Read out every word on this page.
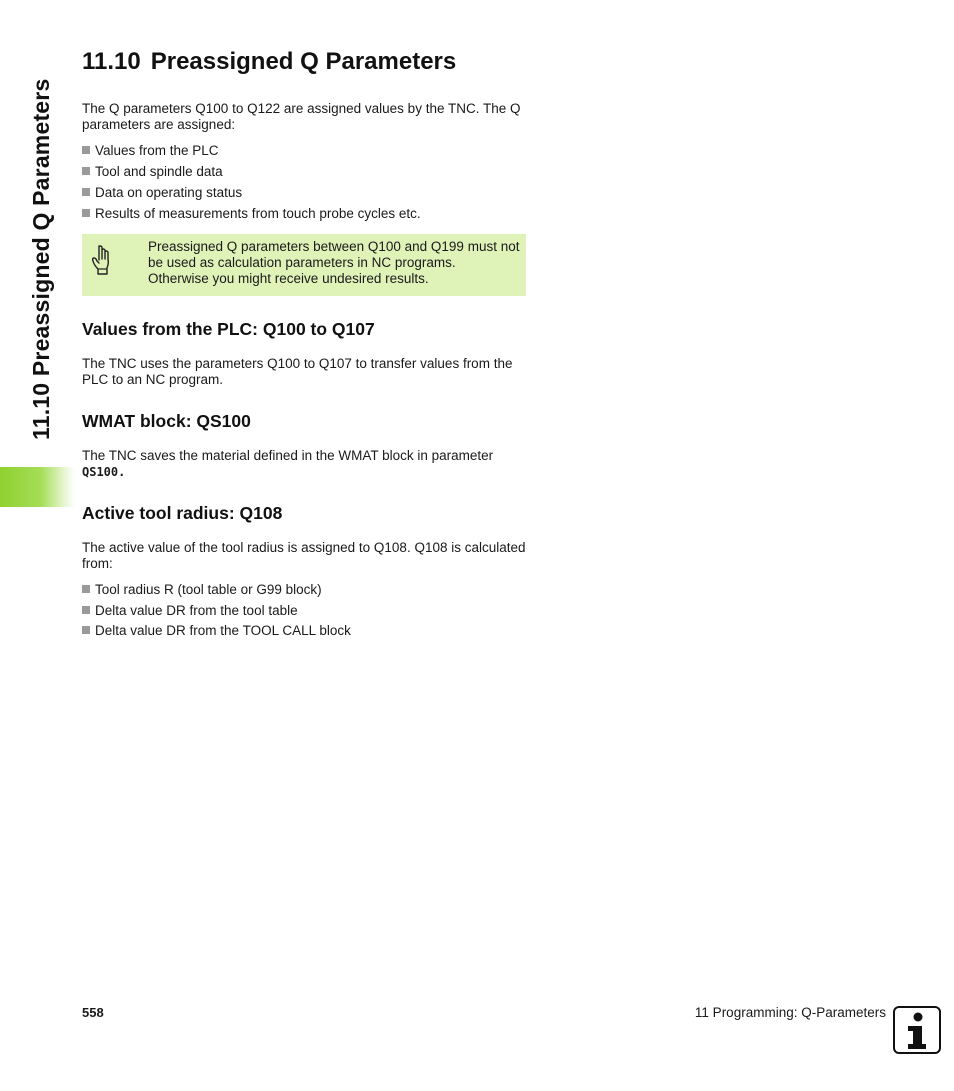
11.10 Preassigned Q Parameters
11.10 Preassigned Q Parameters

The Q parameters Q100 to Q122 are assigned values by the TNC. The Q parameters are assigned:

Values from the PLC
Tool and spindle data
Data on operating status
Results of measurements from touch probe cycles etc.

Preassigned Q parameters between Q100 and Q199 must not be used as calculation parameters in NC programs. Otherwise you might receive undesired results.

Values from the PLC: Q100 to Q107

The TNC uses the parameters Q100 to Q107 to transfer values from the PLC to an NC program.

WMAT block: QS100
The TNC saves the material defined in the WMAT block in parameter
QS100.
Active tool radius: Q108

The active value of the tool radius is assigned to Q108. Q108 is calculated from:

Tool radius R (tool table or G99 block)
Delta value DR from the tool table
Delta value DR from the TOOL CALL block
558	11 Programming: Q-Parameters
